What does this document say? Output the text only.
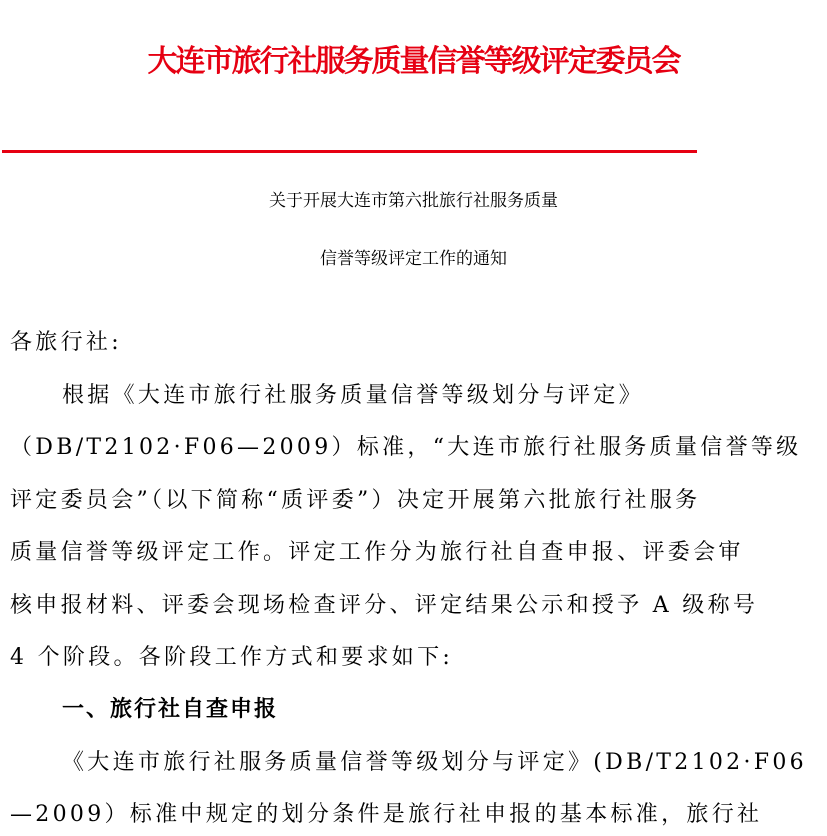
大连市旅行社服务质量信誉等级评定委员会
关于开展大连市第六批旅行社服务质量
信誉等级评定工作的通知
各旅行社:
根据《大连市旅行社服务质量信誉等级划分与评定》
（DB/T2102·F06—2009）标准，“大连市旅行社服务质量信誉等级
评定委员会”（以下简称“质评委”）决定开展第六批旅行社服务
质量信誉等级评定工作。评定工作分为旅行社自查申报、评委会审
核申报材料、评委会现场检查评分、评定结果公示和授予 A 级称号
4 个阶段。各阶段工作方式和要求如下:
一、旅行社自查申报
《大连市旅行社服务质量信誉等级划分与评定》(DB/T2102·F06
—2009）标准中规定的划分条件是旅行社申报的基本标准，旅行社
